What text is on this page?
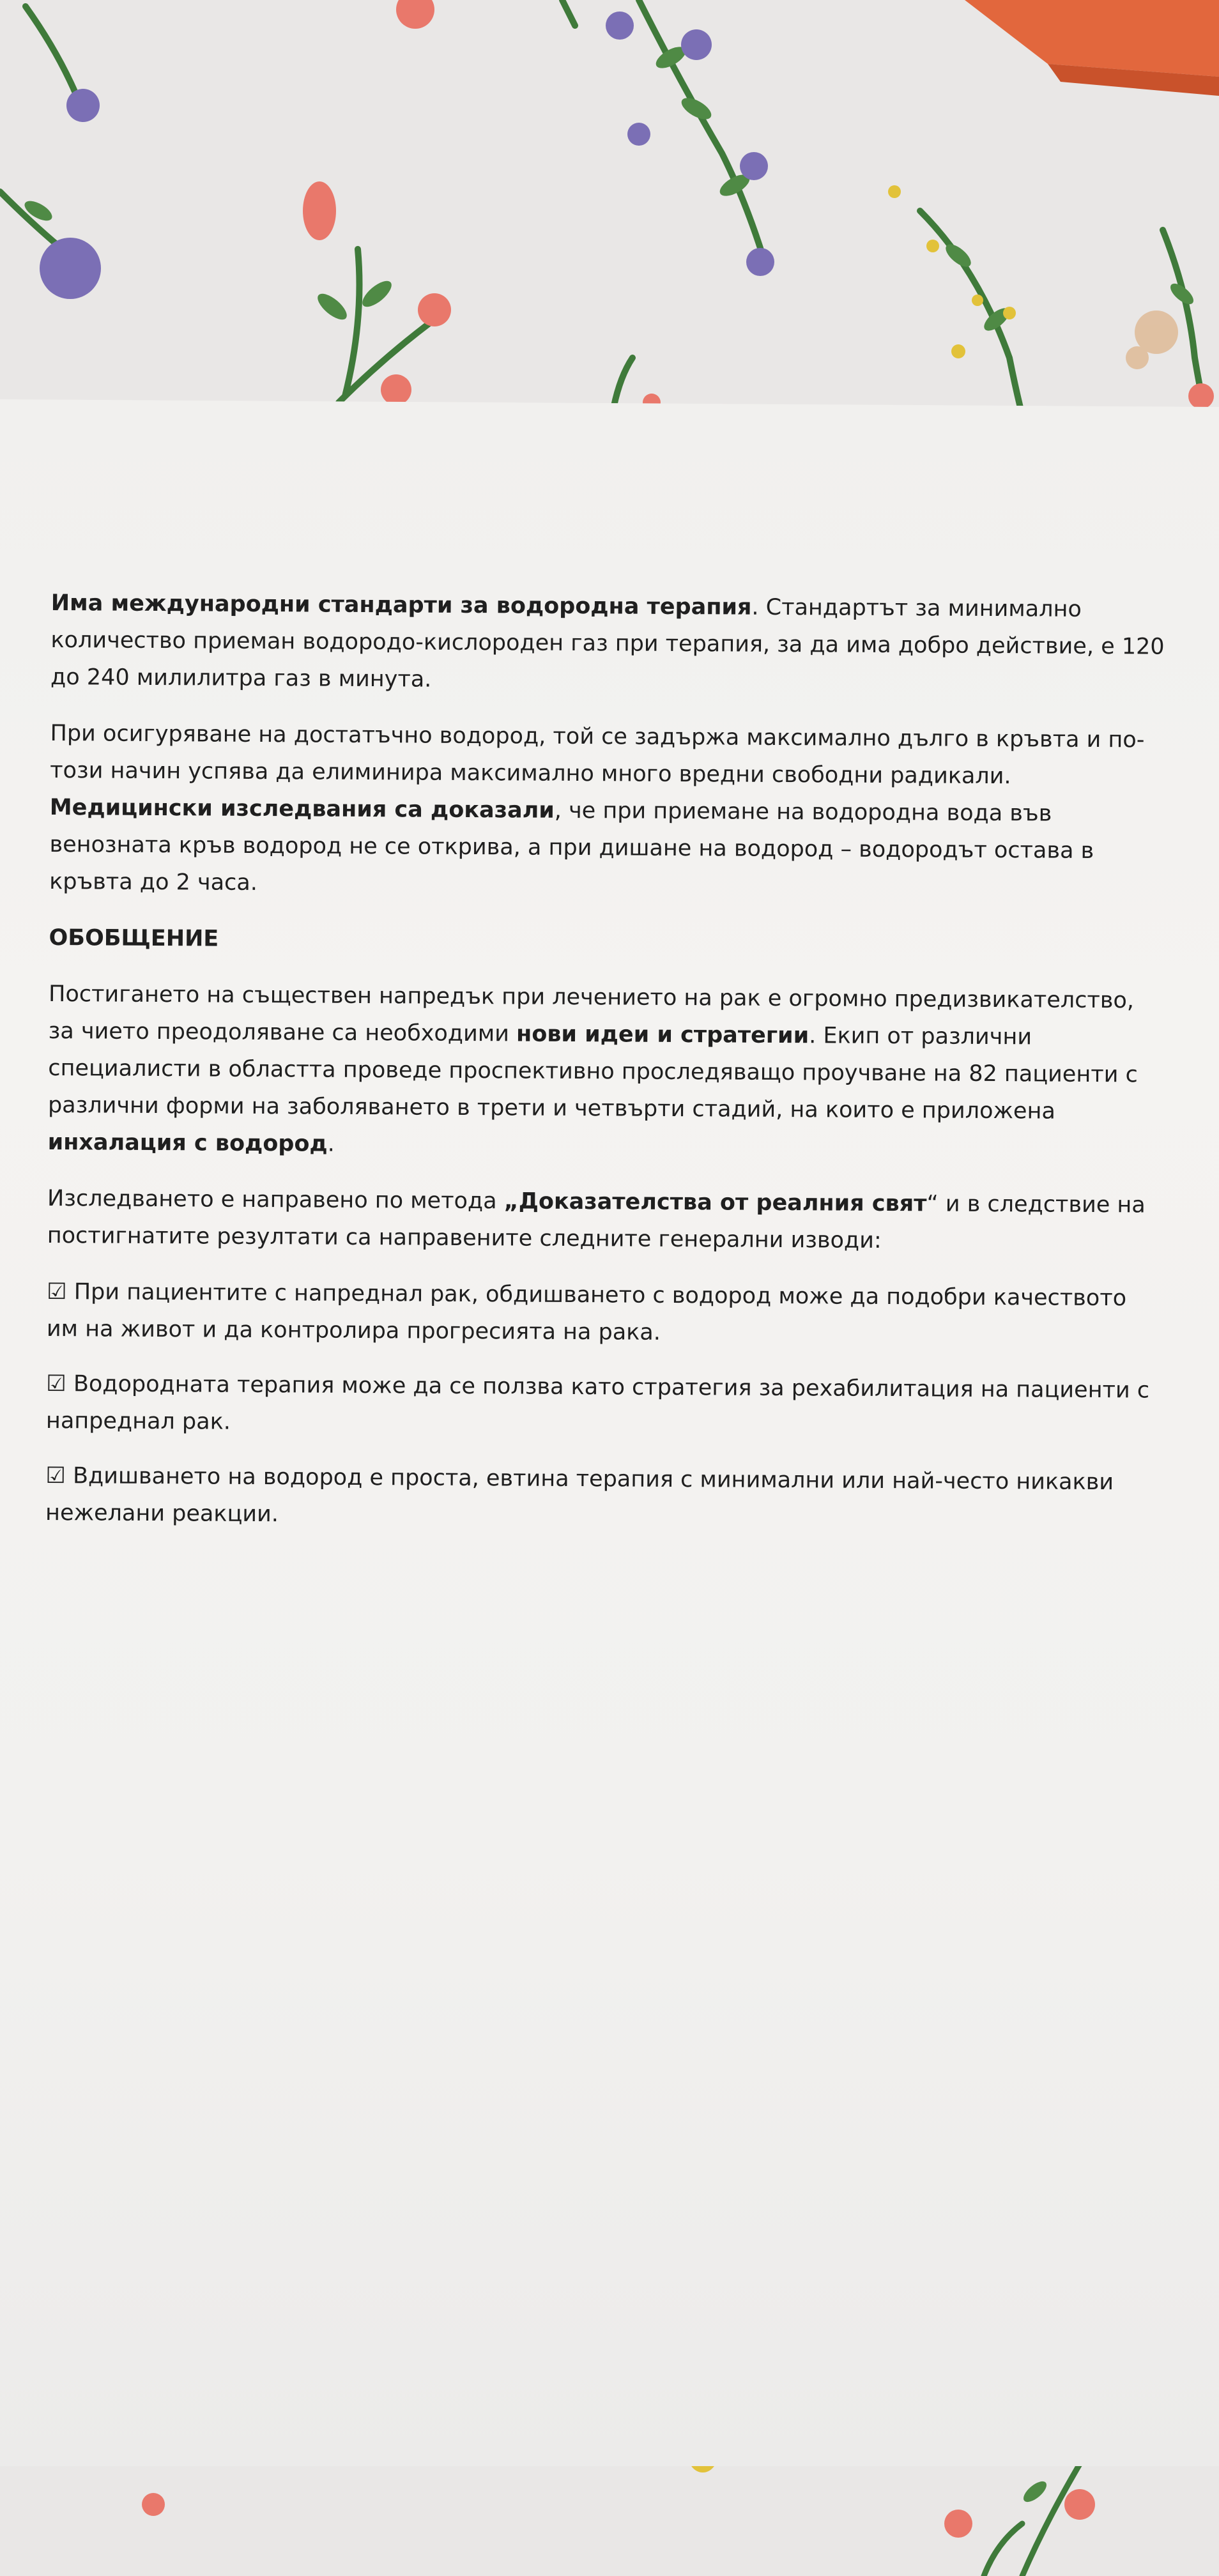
Има международни стандарти за водородна терапия. Стандартът за минимално количество приеман водородо-кислороден газ при терапия, за да има добро действие, е 120 до 240 милилитра газ в минута.

При осигуряване на достатъчно водород, той се задържа максимално дълго в кръвта и по-този начин успява да елиминира максимално много вредни свободни радикали. Медицински изследвания са доказали, че при приемане на водородна вода във венозната кръв водород не се открива, а при дишане на водород – водородът остава в кръвта до 2 часа.

ОБОБЩЕНИЕ

Постигането на съществен напредък при лечението на рак е огромно предизвикателство, за чието преодоляване са необходими нови идеи и стратегии. Екип от различни специалисти в областта проведе проспективно проследяващо проучване на 82 пациенти с различни форми на заболяването в трети и четвърти стадий, на които е приложена инхалация с водород.

Изследването е направено по метода „Доказателства от реалния свят“ и в следствие на постигнатите резултати са направените следните генерални изводи:

☑ При пациентите с напреднал рак, обдишването с водород може да подобри качеството им на живот и да контролира прогресията на рака.

☑ Водородната терапия може да се ползва като стратегия за рехабилитация на пациенти с напреднал рак.

☑ Вдишването на водород е проста, евтина терапия с минимални или най-често никакви нежелани реакции.
